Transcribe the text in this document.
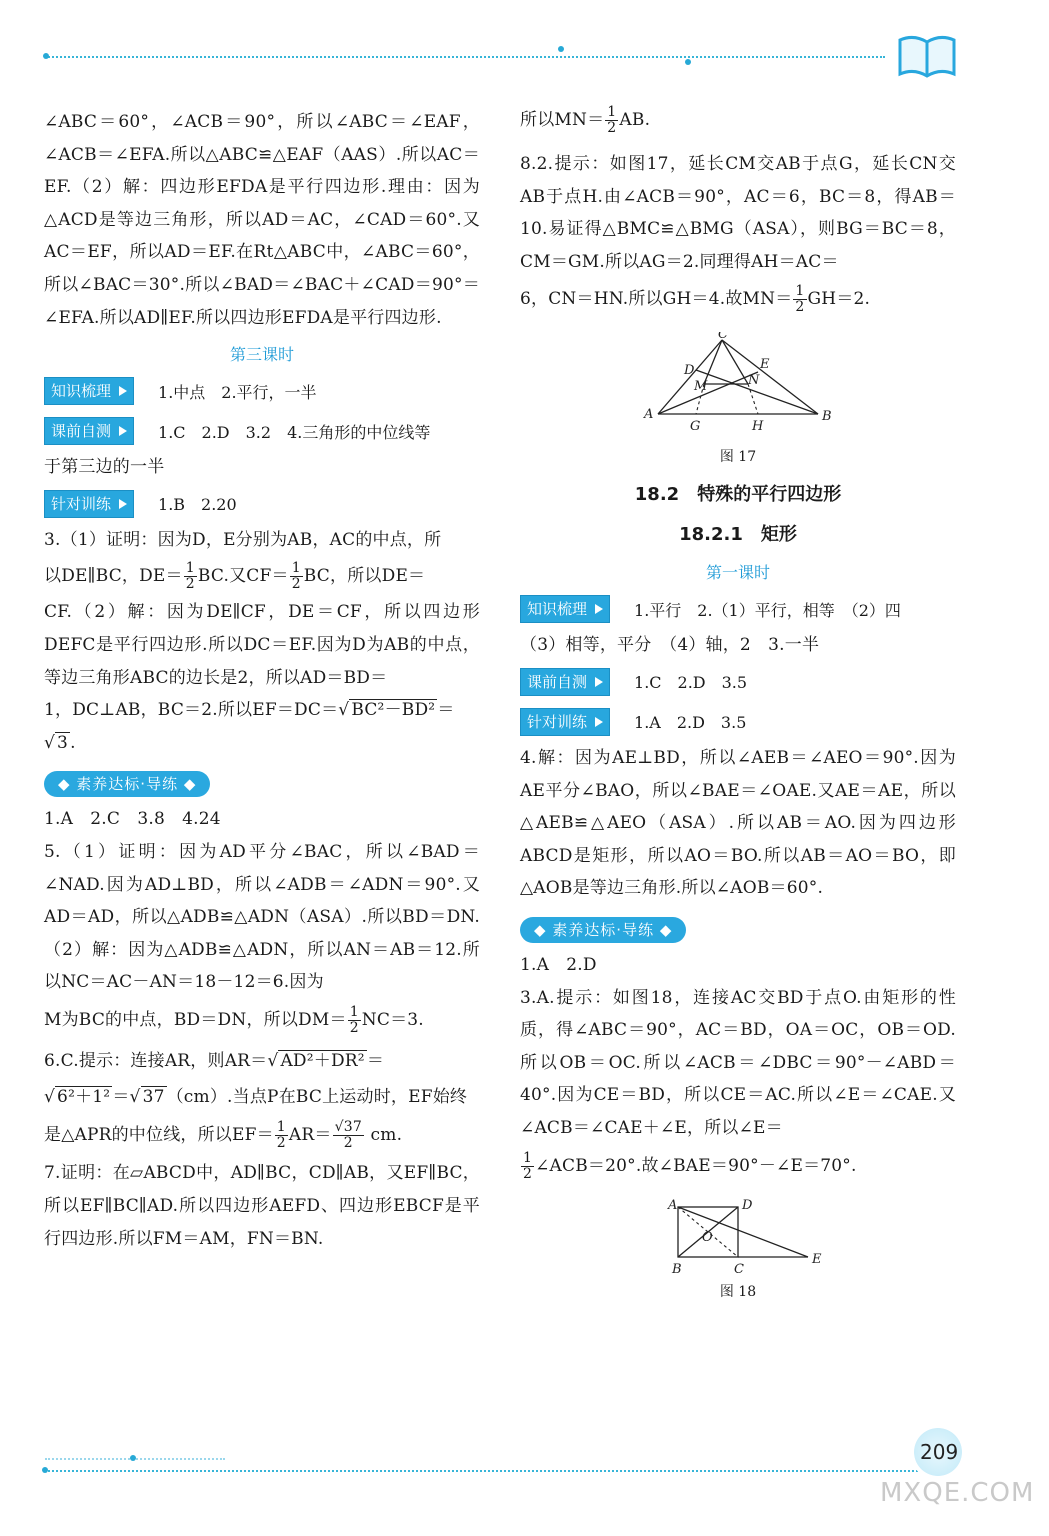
∠ABC＝60°，∠ACB＝90°，所以∠ABC＝∠EAF，∠ACB＝∠EFA.所以△ABC≌△EAF（AAS）.所以AC＝EF.（2）解：四边形EFDA是平行四边形.理由：因为△ACD是等边三角形，所以AD＝AC，∠CAD＝60°.又AC＝EF，所以AD＝EF.在Rt△ABC中，∠ABC＝60°，所以∠BAC＝30°.所以∠BAD＝∠BAC＋∠CAD＝90°＝∠EFA.所以AD∥EF.所以四边形EFDA是平行四边形.

第三课时
知识梳理	1.中点　2.平行，一半
课前自测	1.C　2.D　3.2　4.三角形的中位线等

于第三边的一半

针对训练	1.B　2.20

3.（1）证明：因为D，E分别为AB，AC的中点，所

以DE∥BC，$DE= \frac{1}{2}$ BC.又$CF= \frac{1}{2}$ BC，所以DE＝

CF.（2）解：因为DE∥CF，DE＝CF，所以四边形DEFC是平行四边形.所以DC＝EF.因为D为AB的中点，等边三角形ABC的边长是2，所以AD＝BD＝

1，DC⊥AB，BC＝2.所以EF＝DC＝√ BC²－BD² ＝

√ 3 .

◆ 素养达标·导练 ◆

1.A　2.C　3.8　4.24

5.（1）证明：因为AD平分∠BAC，所以∠BAD＝∠NAD.因为AD⊥BD，所以∠ADB＝∠ADN＝90°.又AD＝AD，所以△ADB≌△ADN（ASA）.所以BD＝DN.（2）解：因为△ADB≌△ADN，所以AN＝AB＝12.所以NC＝AC－AN＝18－12＝6.因为

M为BC的中点，BD＝DN，所以$DM= \frac{1}{2} NC=3$.

6.C.提示：连接AR，则AR＝√ AD²＋DR² ＝

√ 6²＋1² ＝√ 37 （cm）.当点P在BC上运动时，EF始终

是△APR的中位线，所以$EF= \frac{1}{2} AR= \frac{√37}{2}$ cm.

7.证明：在▱ABCD中，AD∥BC，CD∥AB，又EF∥BC，所以EF∥BC∥AD.所以四边形AEFD、四边形EBCF是平行四边形.所以FM＝AM，FN＝BN.

所以$MN= \frac{1}{2}$ AB.

8.2.提示：如图17，延长CM交AB于点G，延长CN交AB于点H.由∠ACB＝90°，AC＝6，BC＝8，得AB＝10.易证得△BMC≌△BMG（ASA），则BG＝BC＝8，CM＝GM.所以AG＝2.同理得AH＝AC＝

6，CN＝HN.所以GH＝4.故$MN= \frac{1}{2} GH=2$.

C
E
D
M	N
A
G	H
B
图 17
18.2　特殊的平行四边形
18.2.1　矩形
第一课时
知识梳理	1.平行　2.（1）平行，相等　（2）四

（3）相等，平分　（4）轴，2　3.一半

课前自测	1.C　2.D　3.5
针对训练	1.A　2.D　3.5

4.解：因为AE⊥BD，所以∠AEB＝∠AEO＝90°.因为AE平分∠BAO，所以∠BAE＝∠OAE.又AE＝AE，所以△AEB≌△AEO（ASA）.所以AB＝AO.因为四边形ABCD是矩形，所以AO＝BO.所以AB＝AO＝BO，即△AOB是等边三角形.所以∠AOB＝60°.

◆ 素养达标·导练 ◆

1.A　2.D

3.A.提示：如图18，连接AC交BD于点O.由矩形的性质，得∠ABC＝90°，AC＝BD，OA＝OC，OB＝OD.所以OB＝OC.所以∠ACB＝∠DBC＝90°－∠ABD＝40°.因为CE＝BD，所以CE＝AC.所以∠E＝∠CAE.又∠ACB＝∠CAE＋∠E，所以∠E＝

$\frac{1}{2}$ ∠ACB＝20°.故∠BAE＝90°－∠E＝70°.

A	D
O
B	C
E
图 18
209
MXQE.COM
